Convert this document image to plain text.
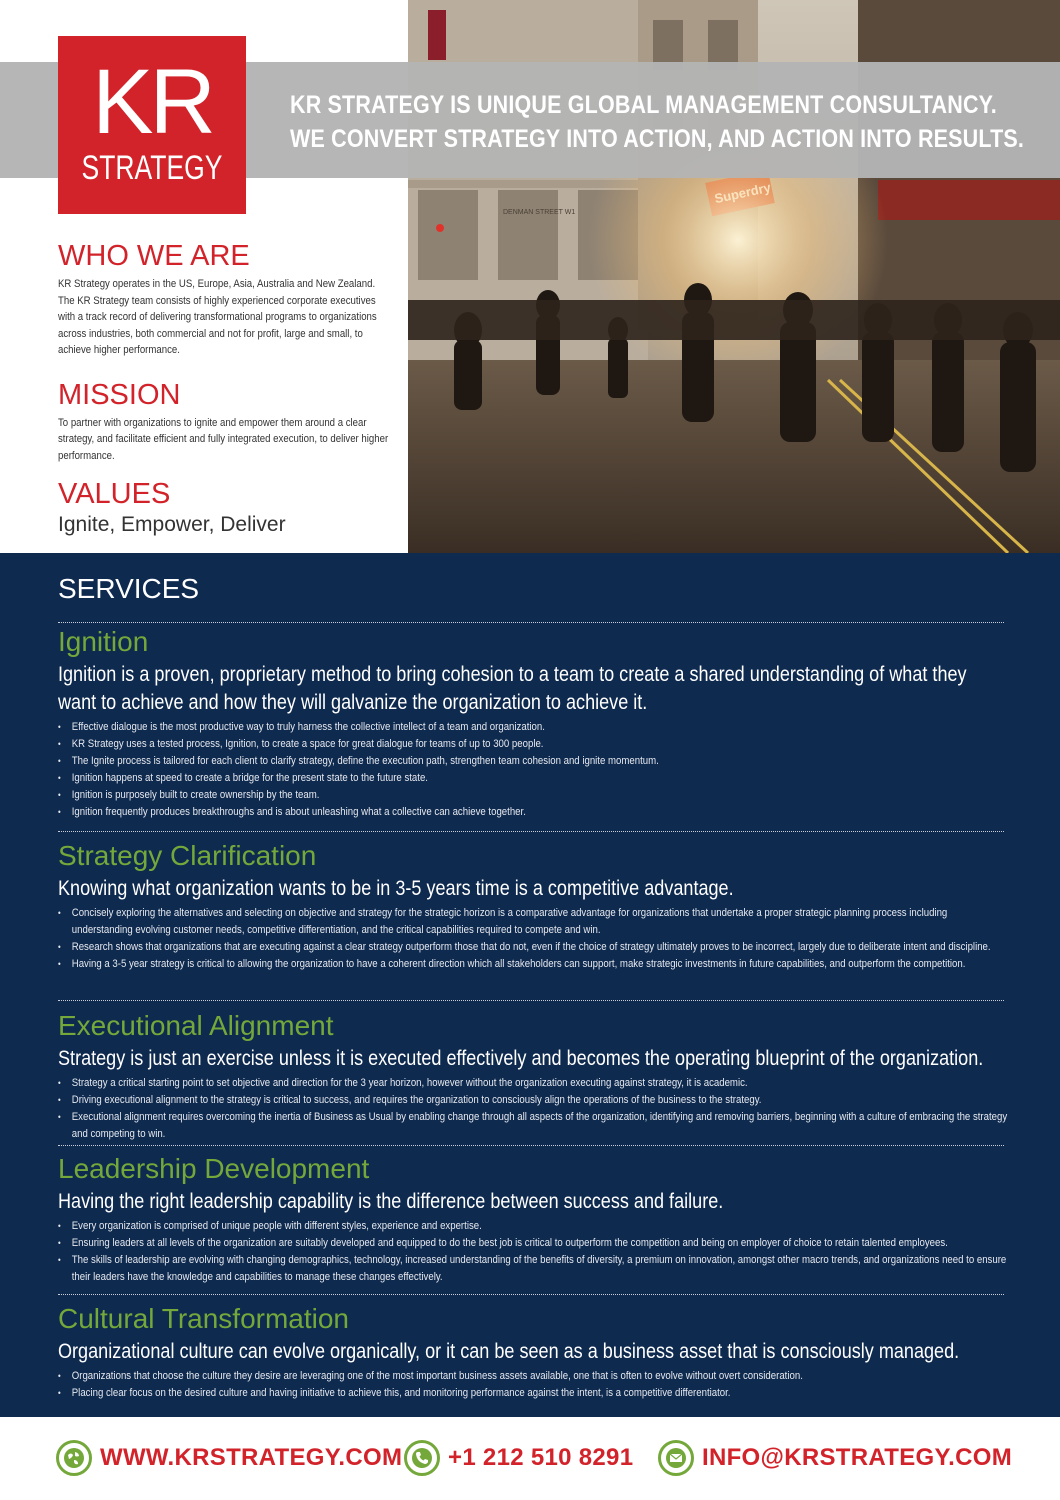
DENMAN STREET W1
KR STRATEGY IS UNIQUE GLOBAL MANAGEMENT CONSULTANCY.
WE CONVERT STRATEGY INTO ACTION, AND ACTION INTO RESULTS.
KR
STRATEGY
WHO WE ARE
KR Strategy operates in the US, Europe, Asia, Australia and New Zealand. The KR Strategy team consists of highly experienced corporate executives with a track record of delivering transformational programs to organizations across industries, both commercial and not for profit, large and small, to achieve higher performance.
MISSION
To partner with organizations to ignite and empower them around a clear strategy, and facilitate efficient and fully integrated execution, to deliver higher performance.
VALUES
Ignite, Empower, Deliver
SERVICES
Ignition
Ignition is a proven, proprietary method to bring cohesion to a team to create a shared understanding of what they want to achieve and how they will galvanize the organization to achieve it.
• Effective dialogue is the most productive way to truly harness the collective intellect of a team and organization.
• KR Strategy uses a tested process, Ignition, to create a space for great dialogue for teams of up to 300 people.
• The Ignite process is tailored for each client to clarify strategy, define the execution path, strengthen team cohesion and ignite momentum.
• Ignition happens at speed to create a bridge for the present state to the future state.
• Ignition is purposely built to create ownership by the team.
• Ignition frequently produces breakthroughs and is about unleashing what a collective can achieve together.
Strategy Clarification
Knowing what organization wants to be in 3-5 years time is a competitive advantage.
• Concisely exploring the alternatives and selecting on objective and strategy for the strategic horizon is a comparative advantage for organizations that undertake a proper strategic planning process including understanding evolving customer needs, competitive differentiation, and the critical capabilities required to compete and win.
• Research shows that organizations that are executing against a clear strategy outperform those that do not, even if the choice of strategy ultimately proves to be incorrect, largely due to deliberate intent and discipline.
• Having a 3-5 year strategy is critical to allowing the organization to have a coherent direction which all stakeholders can support, make strategic investments in future capabilities, and outperform the competition.
Executional Alignment
Strategy is just an exercise unless it is executed effectively and becomes the operating blueprint of the organization.
• Strategy a critical starting point to set objective and direction for the 3 year horizon, however without the organization executing against strategy, it is academic.
• Driving executional alignment to the strategy is critical to success, and requires the organization to consciously align the operations of the business to the strategy.
• Executional alignment requires overcoming the inertia of Business as Usual by enabling change through all aspects of the organization, identifying and removing barriers, beginning with a culture of embracing the strategy and competing to win.
Leadership Development
Having the right leadership capability is the difference between success and failure.
• Every organization is comprised of unique people with different styles, experience and expertise.
• Ensuring leaders at all levels of the organization are suitably developed and equipped to do the best job is critical to outperform the competition and being on employer of choice to retain talented employees.
• The skills of leadership are evolving with changing demographics, technology, increased understanding of the benefits of diversity, a premium on innovation, amongst other macro trends, and organizations need to ensure their leaders have the knowledge and capabilities to manage these changes effectively.
Cultural Transformation
Organizational culture can evolve organically, or it can be seen as a business asset that is consciously managed.
• Organizations that choose the culture they desire are leveraging one of the most important business assets available, one that is often to evolve without overt consideration.
• Placing clear focus on the desired culture and having initiative to achieve this, and monitoring performance against the intent, is a competitive differentiator.
WWW.KRSTRATEGY.COM +1 212 510 8291	INFO@KRSTRATEGY.COM
